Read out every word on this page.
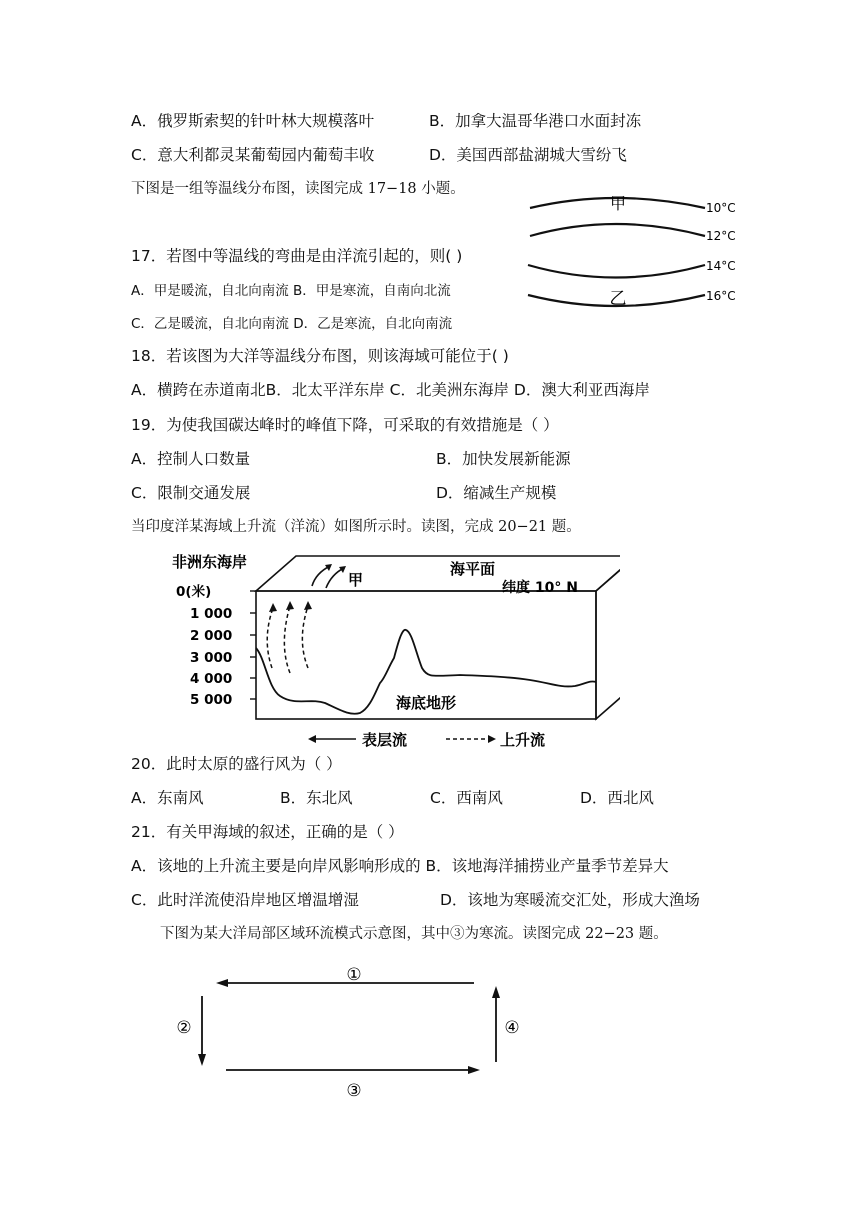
A．俄罗斯索契的针叶林大规模落叶	B．加拿大温哥华港口水面封冻
C．意大利都灵某葡萄园内葡萄丰收	D．美国西部盐湖城大雪纷飞
下图是一组等温线分布图，读图完成 17−18 小题。
甲
乙
10°C
12°C
14°C
16°C
17．若图中等温线的弯曲是由洋流引起的，则( )
A．甲是暖流，自北向南流 B．甲是寒流，自南向北流
C．乙是暖流，自北向南流 D．乙是寒流，自北向南流
18．若该图为大洋等温线分布图，则该海域可能位于( )
A．横跨在赤道南北B．北太平洋东岸 C．北美洲东海岸 D．澳大利亚西海岸
19．为使我国碳达峰时的峰值下降，可采取的有效措施是（ ）
A．控制人口数量	B．加快发展新能源
C．限制交通发展	D．缩减生产规模
当印度洋某海域上升流（洋流）如图所示时。读图，完成 20−21 题。
非洲东海岸	海平面
纬度 10° N
甲
0(米)
1 000
2 000
3 000
4 000
5 000	海底地形
表层流	上升流
20．此时太原的盛行风为（ ）
A．东南风	B．东北风	C．西南风	D．西北风
21．有关甲海域的叙述，正确的是（ ）
A．该地的上升流主要是向岸风影响形成的 B．该地海洋捕捞业产量季节差异大
C．此时洋流使沿岸地区增温增湿	D．该地为寒暖流交汇处，形成大渔场
下图为某大洋局部区域环流模式示意图，其中③为寒流。读图完成 22−23 题。
①
②
③
④
